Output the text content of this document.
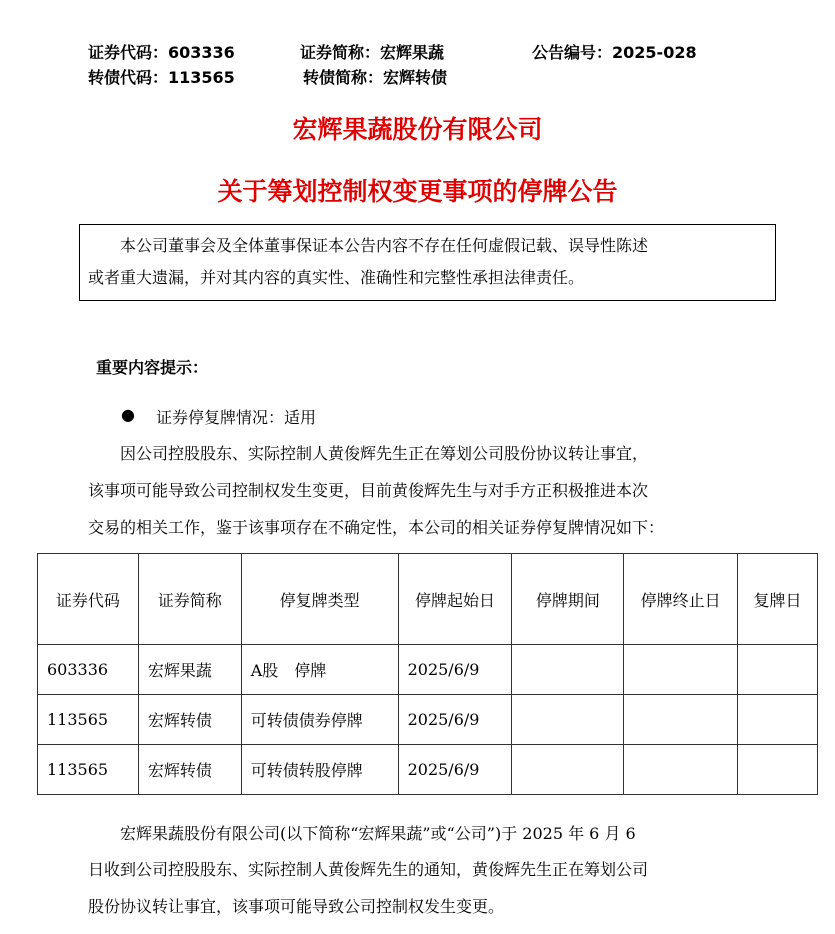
证券代码：603336	证券简称：宏辉果蔬	公告编号：2025-028
转债代码：113565	转债简称：宏辉转债
宏辉果蔬股份有限公司
关于筹划控制权变更事项的停牌公告

本公司董事会及全体董事保证本公告内容不存在任何虚假记载、误导性陈述

或者重大遗漏，并对其内容的真实性、准确性和完整性承担法律责任。

重要内容提示：
● 证券停复牌情况：适用
因公司控股股东、实际控制人黄俊辉先生正在筹划公司股份协议转让事宜，
该事项可能导致公司控制权发生变更，目前黄俊辉先生与对手方正积极推进本次
交易的相关工作，鉴于该事项存在不确定性，本公司的相关证券停复牌情况如下：
证券代码	证券简称	停复牌类型	停牌起始日	停牌期间	停牌终止日	复牌日
603336	宏辉果蔬	A股　停牌	2025/6/9			
113565	宏辉转债	可转债债券停牌	2025/6/9			
113565	宏辉转债	可转债转股停牌	2025/6/9			
宏辉果蔬股份有限公司(以下简称“宏辉果蔬”或“公司”)于 2025 年 6 月 6
日收到公司控股股东、实际控制人黄俊辉先生的通知，黄俊辉先生正在筹划公司
股份协议转让事宜，该事项可能导致公司控制权发生变更。
